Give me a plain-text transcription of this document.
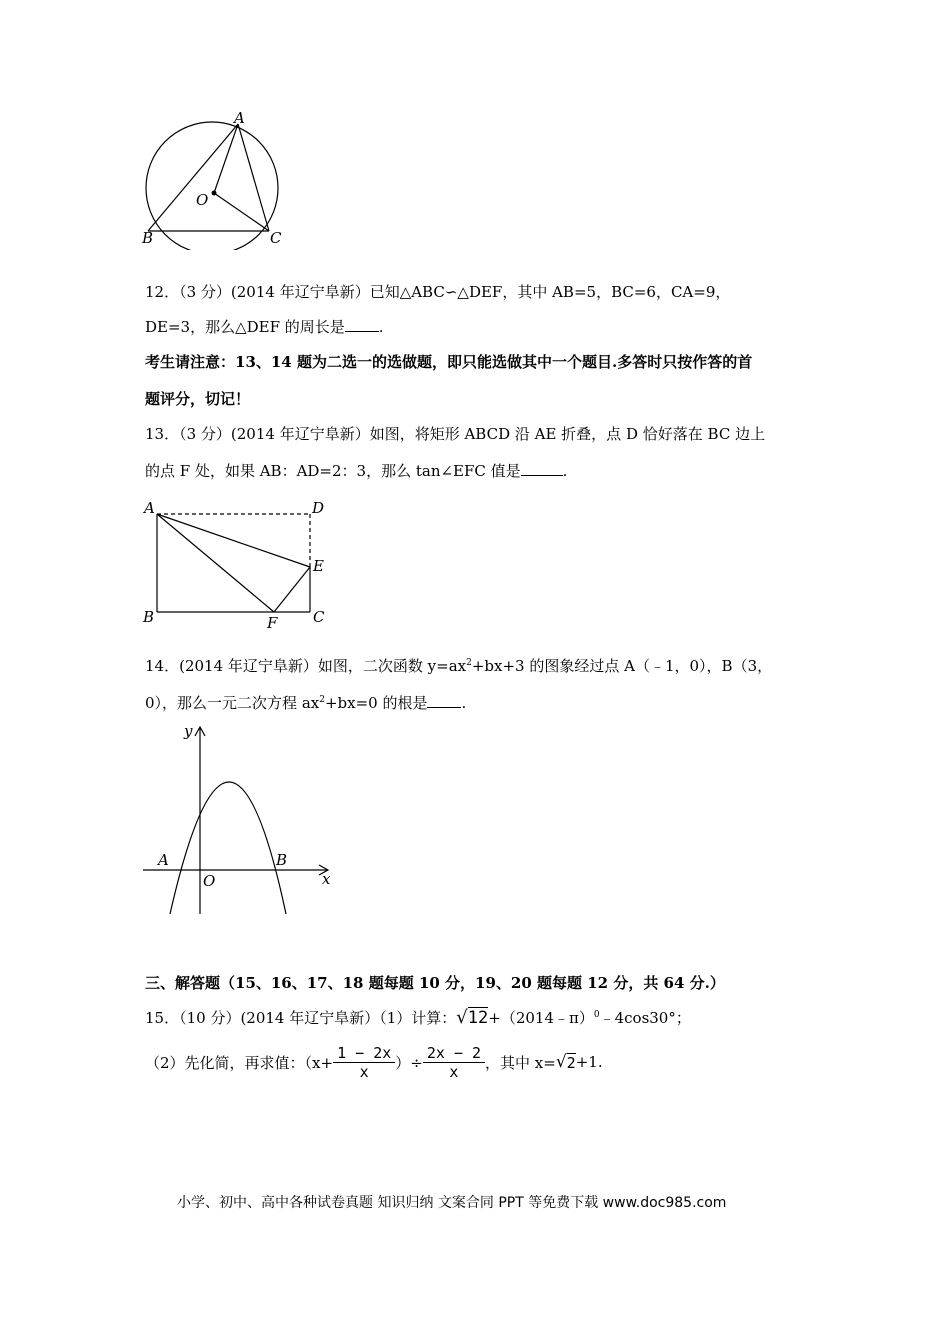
A
O
B	C
12．（3 分）(2014 年辽宁阜新）已知△ABC∽△DEF，其中 AB=5，BC=6，CA=9，
DE=3，那么△DEF 的周长是 .
考生请注意：13、14 题为二选一的选做题，即只能选做其中一个题目.多答时只按作答的首
题评分，切记！
13．（3 分）(2014 年辽宁阜新）如图，将矩形 ABCD 沿 AE 折叠，点 D 恰好落在 BC 边上
的点 F 处，如果 AB：AD=2：3，那么 tan∠EFC 值是	.
A	D
E
B	F C
14．(2014 年辽宁阜新）如图，二次函数 $y=ax^2+bx+3$ 的图象经过点 A（﹣1，0），B（3，
0），那么一元二次方程 $ax^2+bx=0$ 的根是 .
y
x
O
A	B
三、解答题（15、16、17、18 题每题 10 分，19、20 题每题 12 分，共 64 分.）
15．（10 分）(2014 年辽宁阜新）（1）计算：√12+（2014﹣π）$^0$﹣4cos30°；
（2）先化简，再求值：（$x+ \frac{1 - 2x}{x}$ ）÷ $\frac{2x - 2}{x}$ ，其中 x= √ 2 +1.
小学、初中、高中各种试卷真题 知识归纳 文案合同 PPT 等免费下载 www.doc985.com
